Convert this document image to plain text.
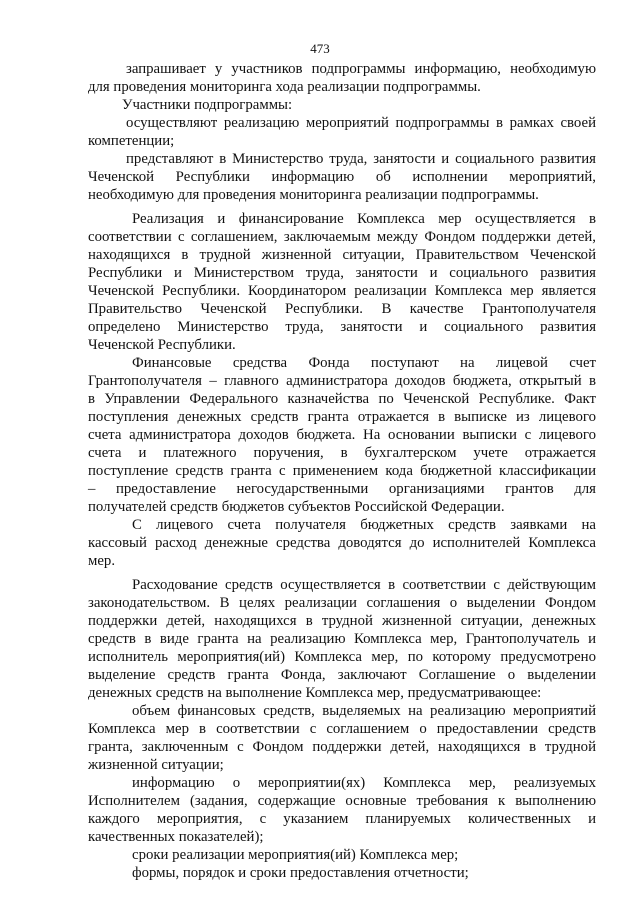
473
запрашивает у участников подпрограммы информацию, необходимую
для проведения мониторинга хода реализации подпрограммы.
Участники подпрограммы:
осуществляют реализацию мероприятий подпрограммы в рамках своей
компетенции;
представляют в Министерство труда, занятости и социального развития
Чеченской Республики информацию об исполнении мероприятий,
необходимую для проведения мониторинга реализации подпрограммы.
Реализация и финансирование Комплекса мер осуществляется в
соответствии с соглашением, заключаемым между Фондом поддержки детей,
находящихся в трудной жизненной ситуации, Правительством Чеченской
Республики и Министерством труда, занятости и социального развития
Чеченской Республики. Координатором реализации Комплекса мер является
Правительство Чеченской Республики. В качестве Грантополучателя
определено Министерство труда, занятости и социального развития
Чеченской Республики.
Финансовые средства Фонда поступают на лицевой счет
Грантополучателя – главного администратора доходов бюджета, открытый в
в Управлении Федерального казначейства по Чеченской Республике. Факт
поступления денежных средств гранта отражается в выписке из лицевого
счета администратора доходов бюджета. На основании выписки с лицевого
счета и платежного поручения, в бухгалтерском учете отражается
поступление средств гранта с применением кода бюджетной классификации
– предоставление негосударственными организациями грантов для
получателей средств бюджетов субъектов Российской Федерации.
С лицевого счета получателя бюджетных средств заявками на
кассовый расход денежные средства доводятся до исполнителей Комплекса
мер.
Расходование средств осуществляется в соответствии с действующим
законодательством. В целях реализации соглашения о выделении Фондом
поддержки детей, находящихся в трудной жизненной ситуации, денежных
средств в виде гранта на реализацию Комплекса мер, Грантополучатель и
исполнитель мероприятия(ий) Комплекса мер, по которому предусмотрено
выделение средств гранта Фонда, заключают Соглашение о выделении
денежных средств на выполнение Комплекса мер, предусматривающее:
объем финансовых средств, выделяемых на реализацию мероприятий
Комплекса мер в соответствии с соглашением о предоставлении средств
гранта, заключенным с Фондом поддержки детей, находящихся в трудной
жизненной ситуации;
информацию о мероприятии(ях) Комплекса мер, реализуемых
Исполнителем (задания, содержащие основные требования к выполнению
каждого мероприятия, с указанием планируемых количественных и
качественных показателей);
сроки реализации мероприятия(ий) Комплекса мер;
формы, порядок и сроки предоставления отчетности;
